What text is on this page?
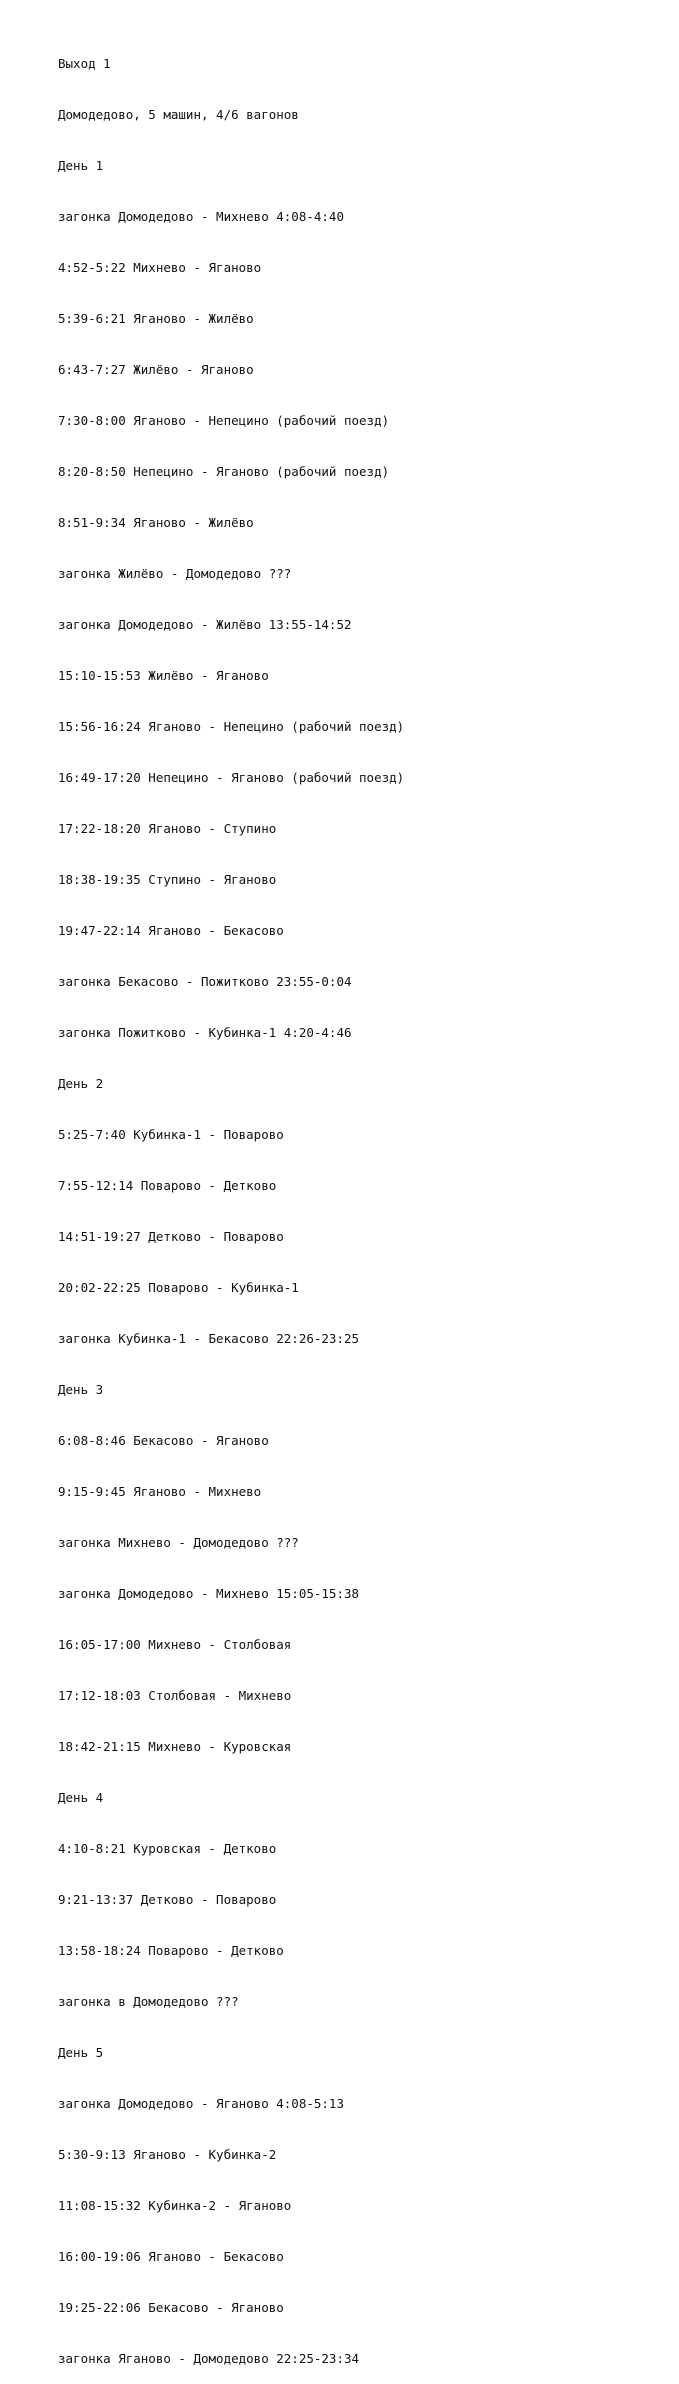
Выход 1

Домодедово, 5 машин, 4/6 вагонов

День 1

загонка Домодедово - Михнево 4:08-4:40

4:52-5:22 Михнево - Яганово

5:39-6:21 Яганово - Жилёво

6:43-7:27 Жилёво - Яганово

7:30-8:00 Яганово - Непецино (рабочий поезд)

8:20-8:50 Непецино - Яганово (рабочий поезд)

8:51-9:34 Яганово - Жилёво

загонка Жилёво - Домодедово ???

загонка Домодедово - Жилёво 13:55-14:52

15:10-15:53 Жилёво - Яганово

15:56-16:24 Яганово - Непецино (рабочий поезд)

16:49-17:20 Непецино - Яганово (рабочий поезд)

17:22-18:20 Яганово - Ступино

18:38-19:35 Ступино - Яганово

19:47-22:14 Яганово - Бекасово

загонка Бекасово - Пожитково 23:55-0:04

загонка Пожитково - Кубинка-1 4:20-4:46

День 2

5:25-7:40 Кубинка-1 - Поварово

7:55-12:14 Поварово - Детково

14:51-19:27 Детково - Поварово

20:02-22:25 Поварово - Кубинка-1

загонка Кубинка-1 - Бекасово 22:26-23:25

День 3

6:08-8:46 Бекасово - Яганово

9:15-9:45 Яганово - Михнево

загонка Михнево - Домодедово ???

загонка Домодедово - Михнево 15:05-15:38

16:05-17:00 Михнево - Столбовая

17:12-18:03 Столбовая - Михнево

18:42-21:15 Михнево - Куровская

День 4

4:10-8:21 Куровская - Детково

9:21-13:37 Детково - Поварово

13:58-18:24 Поварово - Детково

загонка в Домодедово ???

День 5

загонка Домодедово - Яганово 4:08-5:13

5:30-9:13 Яганово - Кубинка-2

11:08-15:32 Кубинка-2 - Яганово

16:00-19:06 Яганово - Бекасово

19:25-22:06 Бекасово - Яганово

загонка Яганово - Домодедово 22:25-23:34
